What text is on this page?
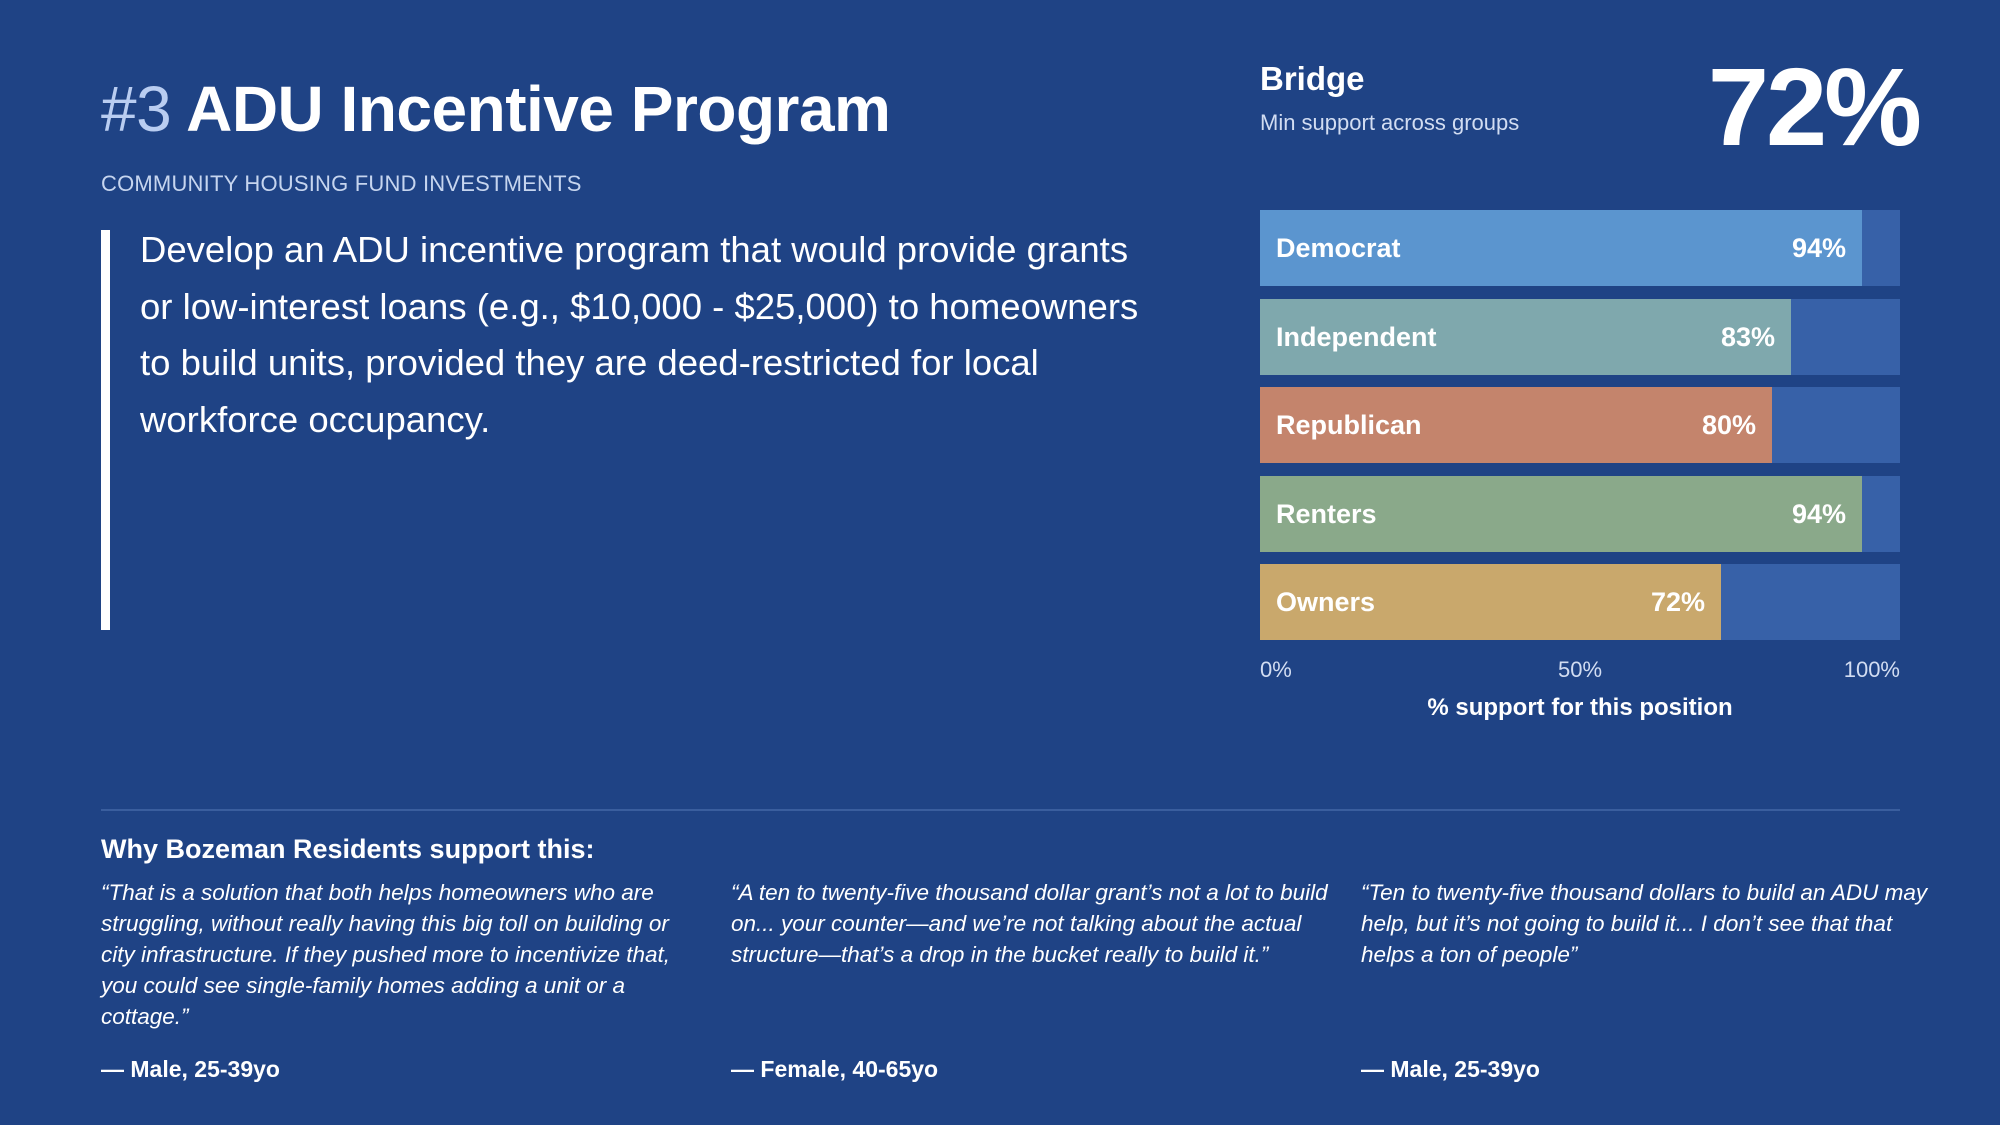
#3 ADU Incentive Program
COMMUNITY HOUSING FUND INVESTMENTS

Develop an ADU incentive program that would provide grants or low-interest loans (e.g., $10,000 - $25,000) to homeowners to build units, provided they are deed-restricted for local workforce occupancy.

Bridge
Min support across groups 72%
0%	50%	100%
% support for this position
Democrat	94%
Independent	83%
Republican	80%
Renters	94%
Owners	72%
Why Bozeman Residents support this:

“That is a solution that both helps homeowners who are struggling, without really having this big toll on building or city infrastructure. If they pushed more to incentivize that, you could see single-family homes adding a unit or a cottage.”

— Male, 25-39yo

“A ten to twenty-five thousand dollar grant’s not a lot to build on... your counter—and we’re not talking about the actual structure—that’s a drop in the bucket really to build it.”

— Female, 40-65yo

“Ten to twenty-five thousand dollars to build an ADU may help, but it’s not going to build it... I don’t see that that helps a ton of people”

— Male, 25-39yo
